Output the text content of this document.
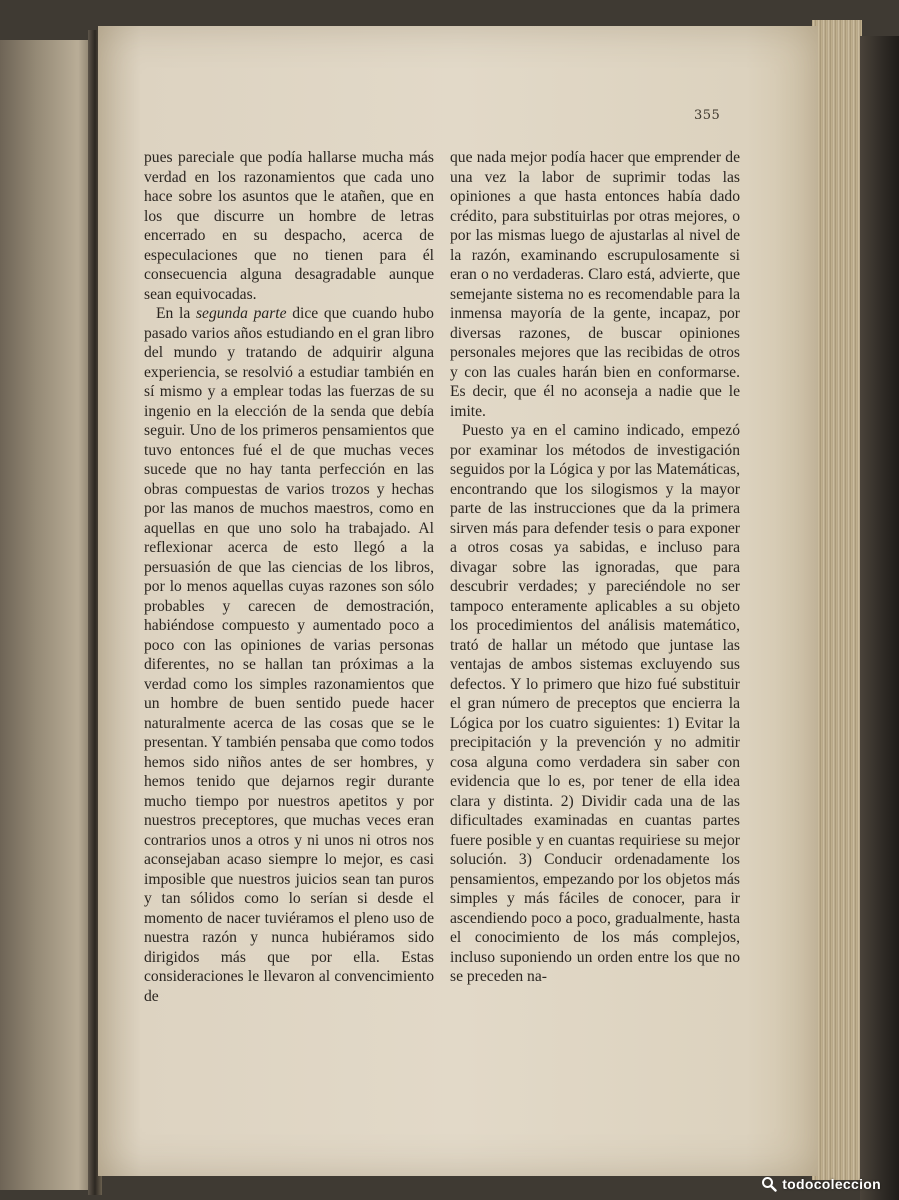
355

pues pareciale que podía hallarse mucha más verdad en los razonamientos que cada uno hace sobre los asuntos que le atañen, que en los que discurre un hombre de letras encerrado en su despacho, acerca de especulaciones que no tienen para él consecuencia alguna desagradable aunque sean equivocadas.

En la segunda parte dice que cuando hubo pasado varios años estudiando en el gran libro del mundo y tratando de adquirir alguna experiencia, se resolvió a estudiar también en sí mismo y a emplear todas las fuerzas de su ingenio en la elección de la senda que debía seguir. Uno de los primeros pensamientos que tuvo entonces fué el de que muchas veces sucede que no hay tanta perfección en las obras compuestas de varios trozos y hechas por las manos de muchos maestros, como en aquellas en que uno solo ha trabajado. Al reflexionar acerca de esto llegó a la persuasión de que las ciencias de los libros, por lo menos aquellas cuyas razones son sólo probables y carecen de demostración, habiéndose compuesto y aumentado poco a poco con las opiniones de varias personas diferentes, no se hallan tan próximas a la verdad como los simples razonamientos que un hombre de buen sentido puede hacer naturalmente acerca de las cosas que se le presentan. Y también pensaba que como todos hemos sido niños antes de ser hombres, y hemos tenido que dejarnos regir durante mucho tiempo por nuestros apetitos y por nuestros preceptores, que muchas veces eran contrarios unos a otros y ni unos ni otros nos aconsejaban acaso siempre lo mejor, es casi imposible que nuestros juicios sean tan puros y tan sólidos como lo serían si desde el momento de nacer tuviéramos el pleno uso de nuestra razón y nunca hubiéramos sido dirigidos más que por ella. Estas consideraciones le llevaron al convencimiento de

que nada mejor podía hacer que emprender de una vez la labor de suprimir todas las opiniones a que hasta entonces había dado crédito, para substituirlas por otras mejores, o por las mismas luego de ajustarlas al nivel de la razón, examinando escrupulosamente si eran o no verdaderas. Claro está, advierte, que semejante sistema no es recomendable para la inmensa mayoría de la gente, incapaz, por diversas razones, de buscar opiniones personales mejores que las recibidas de otros y con las cuales harán bien en conformarse. Es decir, que él no aconseja a nadie que le imite.

Puesto ya en el camino indicado, empezó por examinar los métodos de investigación seguidos por la Lógica y por las Matemáticas, encontrando que los silogismos y la mayor parte de las instrucciones que da la primera sirven más para defender tesis o para exponer a otros cosas ya sabidas, e incluso para divagar sobre las ignoradas, que para descubrir verdades; y pareciéndole no ser tampoco enteramente aplicables a su objeto los procedimientos del análisis matemático, trató de hallar un método que juntase las ventajas de ambos sistemas excluyendo sus defectos. Y lo primero que hizo fué substituir el gran número de preceptos que encierra la Lógica por los cuatro siguientes: 1) Evitar la precipitación y la prevención y no admitir cosa alguna como verdadera sin saber con evidencia que lo es, por tener de ella idea clara y distinta. 2) Dividir cada una de las dificultades examinadas en cuantas partes fuere posible y en cuantas requiriese su mejor solución. 3) Conducir ordenadamente los pensamientos, empezando por los objetos más simples y más fáciles de conocer, para ir ascendiendo poco a poco, gradualmente, hasta el conocimiento de los más complejos, incluso suponiendo un orden entre los que no se preceden na-

todocoleccion
